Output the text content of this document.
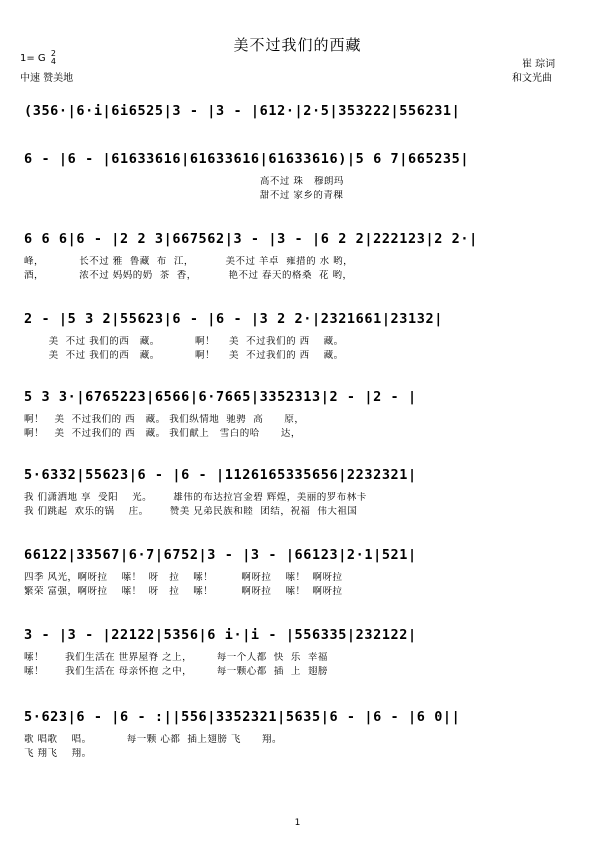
美不过我们的西藏
1= G 2
4
中速 赞美地
崔 琮词
和文光曲
(356·|6·i|6i6525|3 - |3 - |612·|2·5|353222|556231|
6 - |6 - |61633616|61633616|61633616)|5 6 7|665235|
高不过 珠   穆朗玛
甜不过 家乡的青稞
6 6 6|6 - |2 2 3|667562|3 - |3 - |6 2 2|222123|2 2·|
峰，          长不过 雅  鲁藏  布  江，         美不过 羊卓  雍措的 水 哟，
酒，          浓不过 妈妈的奶  茶  香，         艳不过 春天的格桑  花 哟，
2 - |5 3 2|55623|6 - |6 - |3 2 2·|2321661|23132|
美  不过 我们的西   藏。          啊！    美  不过我们的 西    藏。
美  不过 我们的西   藏。          啊！    美  不过我们的 西    藏。
5 3 3·|6765223|6566|6·7665|3352313|2 - |2 - |
啊！   美  不过我们的 西   藏。 我们纵情地  驰骋  高      原，
啊！   美  不过我们的 西   藏。 我们献上   雪白的哈      达，
5·6332|55623|6 - |6 - |1126165335656|2232321|
我 们潇洒地 享  受阳    光。      雄伟的布达拉宫金碧 辉煌，美丽的罗布林卡
我 们跳起  欢乐的锅    庄。      赞美 兄弟民族和睦  团结，祝福  伟大祖国
66122|33567|6·7|6752|3 - |3 - |66123|2·1|521|
四季 风光，啊呀拉    嗦！  呀   拉    嗦！        啊呀拉    嗦！  啊呀拉
繁荣 富强，啊呀拉    嗦！  呀   拉    嗦！        啊呀拉    嗦！  啊呀拉
3 - |3 - |22122|5356|6 i·|i - |556335|232122|
嗦！      我们生活在 世界屋脊 之上，       每一个人都  快  乐  幸福
嗦！      我们生活在 母亲怀抱 之中，       每一颗心都  插  上  翅膀
5·623|6 - |6 - :||556|3352321|5635|6 - |6 - |6 0||
歌 唱歌    唱。          每一颗 心都  插上翅膀 飞      翔。
飞 翔飞    翔。
1
